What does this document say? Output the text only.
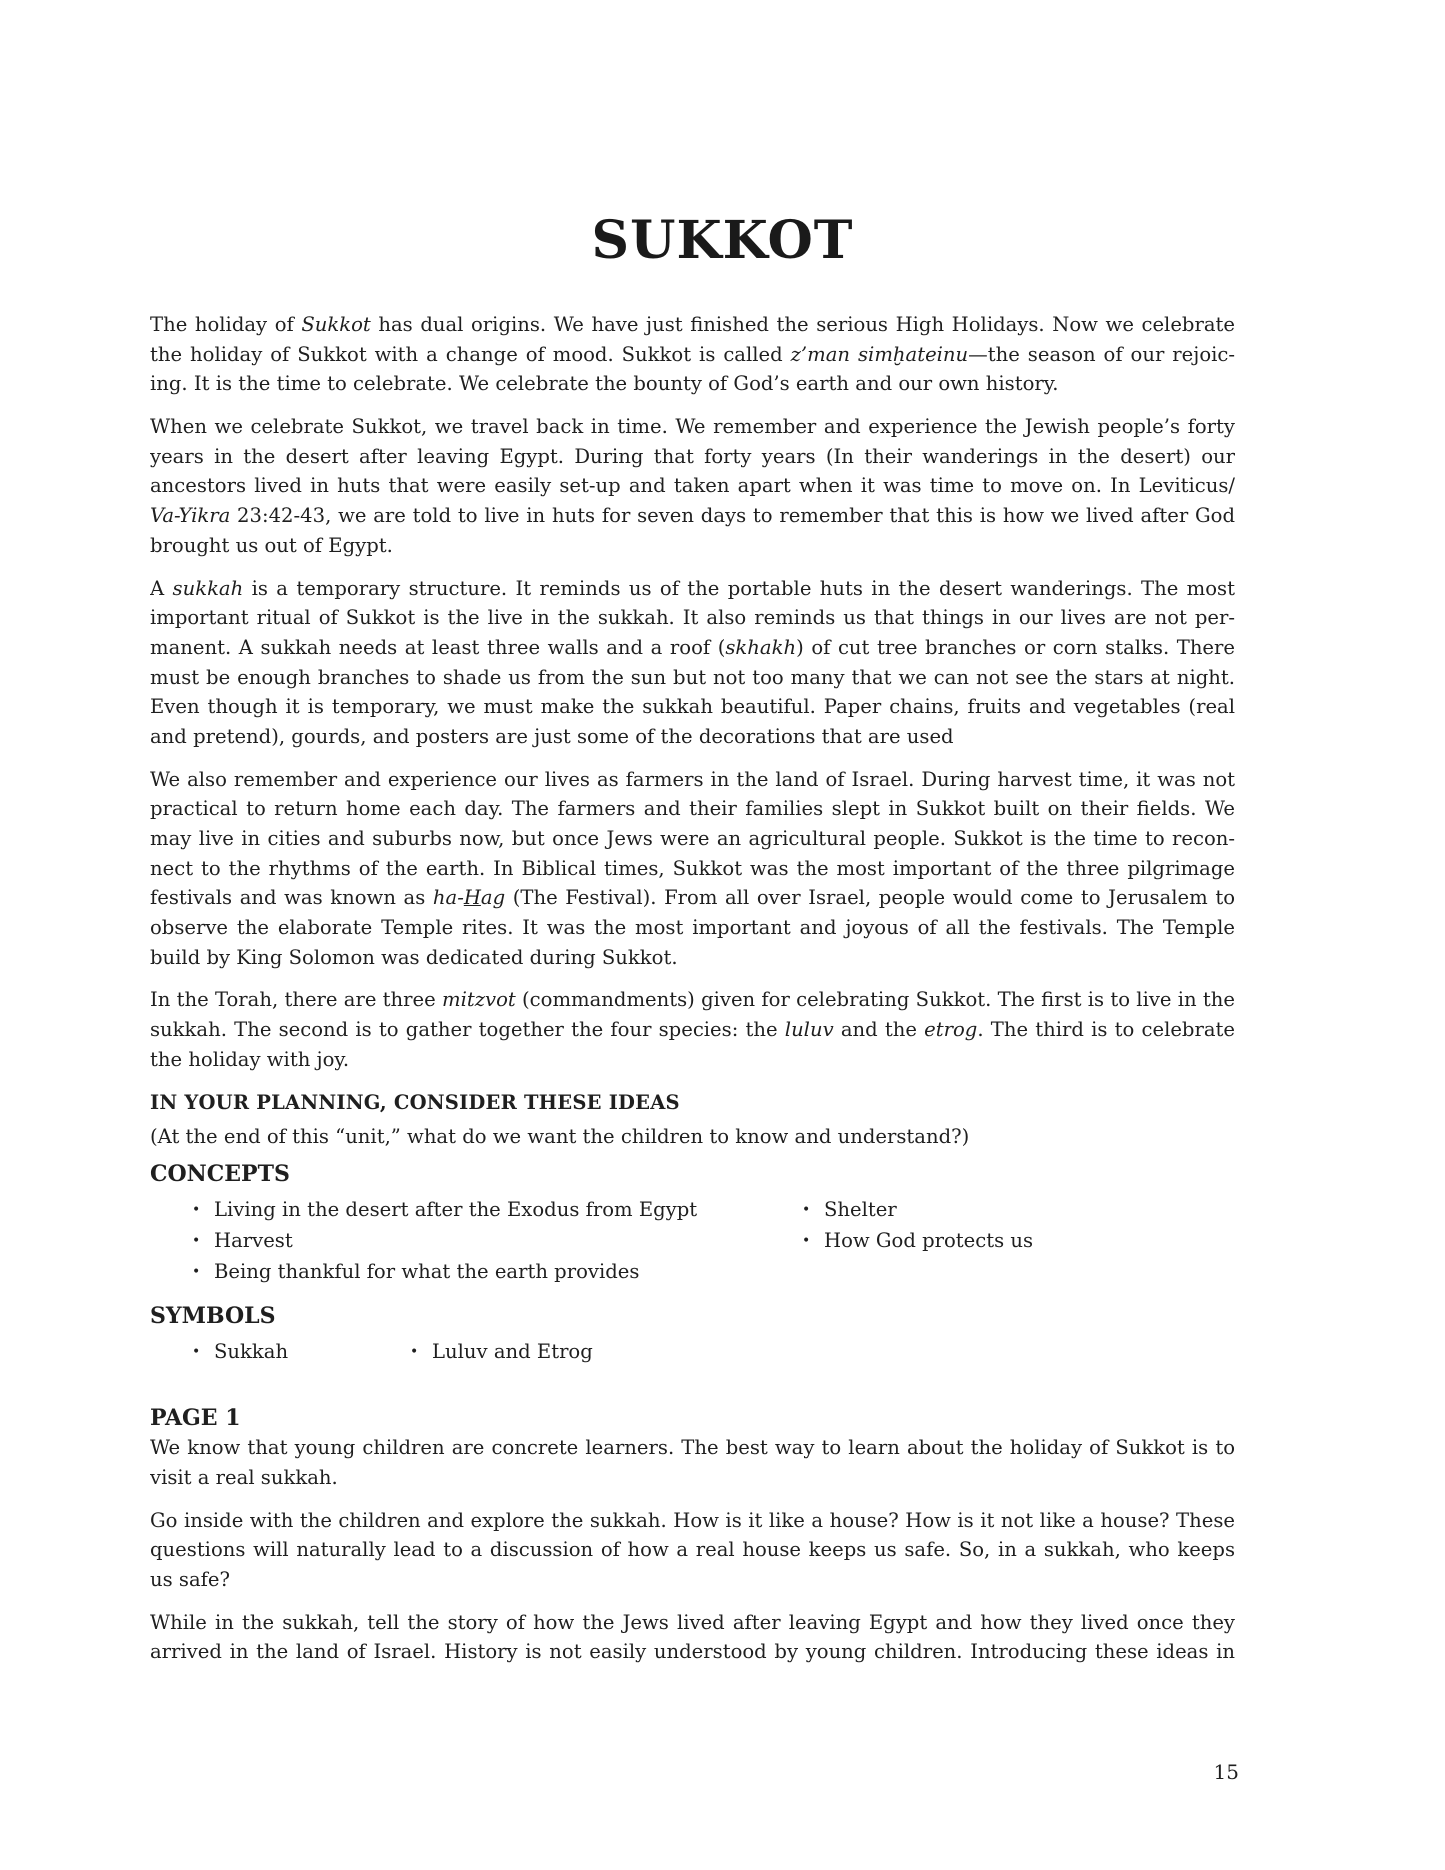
SUKKOT
The holiday of Sukkot has dual origins. We have just finished the serious High Holidays. Now we celebrate
the holiday of Sukkot with a change of mood. Sukkot is called z’man simḫateinu—the season of our rejoic-
ing. It is the time to celebrate. We celebrate the bounty of God’s earth and our own history.
When we celebrate Sukkot, we travel back in time. We remember and experience the Jewish people’s forty
years in the desert after leaving Egypt. During that forty years (In their wanderings in the desert) our
ancestors lived in huts that were easily set-up and taken apart when it was time to move on. In Leviticus/
Va-Yikra 23:42-43, we are told to live in huts for seven days to remember that this is how we lived after God
brought us out of Egypt.
A sukkah is a temporary structure. It reminds us of the portable huts in the desert wanderings. The most
important ritual of Sukkot is the live in the sukkah. It also reminds us that things in our lives are not per-
manent. A sukkah needs at least three walls and a roof (skhakh) of cut tree branches or corn stalks. There
must be enough branches to shade us from the sun but not too many that we can not see the stars at night.
Even though it is temporary, we must make the sukkah beautiful. Paper chains, fruits and vegetables (real
and pretend), gourds, and posters are just some of the decorations that are used
We also remember and experience our lives as farmers in the land of Israel. During harvest time, it was not
practical to return home each day. The farmers and their families slept in Sukkot built on their fields. We
may live in cities and suburbs now, but once Jews were an agricultural people. Sukkot is the time to recon-
nect to the rhythms of the earth. In Biblical times, Sukkot was the most important of the three pilgrimage
festivals and was known as ha-Hag (The Festival). From all over Israel, people would come to Jerusalem to
observe the elaborate Temple rites. It was the most important and joyous of all the festivals. The Temple
build by King Solomon was dedicated during Sukkot.
In the Torah, there are three mitzvot (commandments) given for celebrating Sukkot. The first is to live in the
sukkah. The second is to gather together the four species: the luluv and the etrog. The third is to celebrate
the holiday with joy.
IN YOUR PLANNING, CONSIDER THESE IDEAS
(At the end of this “unit,” what do we want the children to know and understand?)
CONCEPTS
• Living in the desert after the Exodus from Egypt
• Harvest
• Being thankful for what the earth provides
• Shelter
• How God protects us
SYMBOLS
• Sukkah	• Luluv and Etrog
PAGE 1
We know that young children are concrete learners. The best way to learn about the holiday of Sukkot is to
visit a real sukkah.
Go inside with the children and explore the sukkah. How is it like a house? How is it not like a house? These
questions will naturally lead to a discussion of how a real house keeps us safe. So, in a sukkah, who keeps
us safe?
While in the sukkah, tell the story of how the Jews lived after leaving Egypt and how they lived once they
arrived in the land of Israel. History is not easily understood by young children. Introducing these ideas in
15
